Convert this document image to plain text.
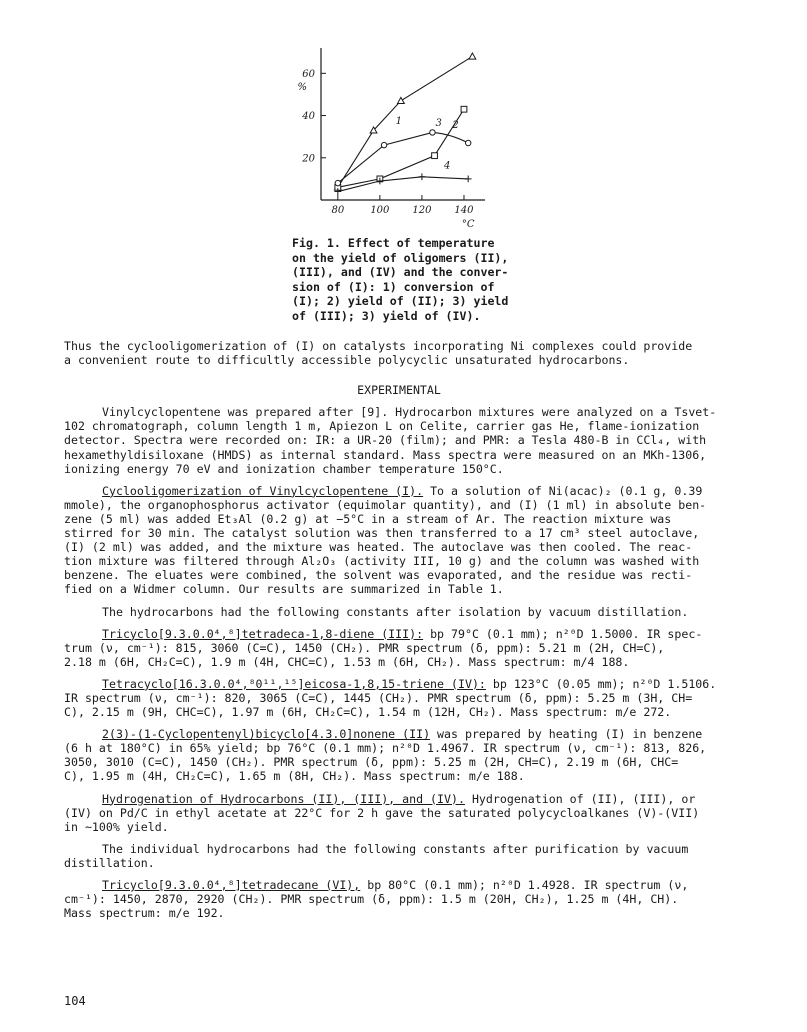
20
40
60
80	100 120 140
%
°C
1	2
3
4
Fig. 1. Effect of temperature
on the yield of oligomers (II),
(III), and (IV) and the conver-
sion of (I): 1) conversion of
(I); 2) yield of (II); 3) yield
of (III); 3) yield of (IV).
Thus the cyclooligomerization of (I) on catalysts incorporating Ni complexes could provide
a convenient route to difficultly accessible polycyclic unsaturated hydrocarbons.
EXPERIMENTAL
Vinylcyclopentene was prepared after [9]. Hydrocarbon mixtures were analyzed on a Tsvet-
102 chromatograph, column length 1 m, Apiezon L on Celite, carrier gas He, flame-ionization
detector. Spectra were recorded on: IR: a UR-20 (film); and PMR: a Tesla 480-B in CCl₄, with
hexamethyldisiloxane (HMDS) as internal standard. Mass spectra were measured on an MKh-1306,
ionizing energy 70 eV and ionization chamber temperature 150°C.
Cyclooligomerization of Vinylcyclopentene (I). To a solution of Ni(acac)₂ (0.1 g, 0.39
mmole), the organophosphorus activator (equimolar quantity), and (I) (1 ml) in absolute ben-
zene (5 ml) was added Et₃Al (0.2 g) at −5°C in a stream of Ar. The reaction mixture was
stirred for 30 min. The catalyst solution was then transferred to a 17 cm³ steel autoclave,
(I) (2 ml) was added, and the mixture was heated. The autoclave was then cooled. The reac-
tion mixture was filtered through Al₂O₃ (activity III, 10 g) and the column was washed with
benzene. The eluates were combined, the solvent was evaporated, and the residue was recti-
fied on a Widmer column. Our results are summarized in Table 1.
The hydrocarbons had the following constants after isolation by vacuum distillation.
Tricyclo[9.3.0.0⁴,⁸]tetradeca-1,8-diene (III): bp 79°C (0.1 mm); n²⁰D 1.5000. IR spec-
trum (ν, cm⁻¹): 815, 3060 (C=C), 1450 (CH₂). PMR spectrum (δ, ppm): 5.21 m (2H, CH=C),
2.18 m (6H, CH₂C=C), 1.9 m (4H, CHC=C), 1.53 m (6H, CH₂). Mass spectrum: m/4 188.
Tetracyclo[16.3.0.0⁴,⁸0¹¹,¹⁵]eicosa-1,8,15-triene (IV): bp 123°C (0.05 mm); n²⁰D 1.5106.
IR spectrum (ν, cm⁻¹): 820, 3065 (C=C), 1445 (CH₂). PMR spectrum (δ, ppm): 5.25 m (3H, CH=
C), 2.15 m (9H, CHC=C), 1.97 m (6H, CH₂C=C), 1.54 m (12H, CH₂). Mass spectrum: m/e 272.
2(3)-(1-Cyclopentenyl)bicyclo[4.3.0]nonene (II) was prepared by heating (I) in benzene
(6 h at 180°C) in 65% yield; bp 76°C (0.1 mm); n²⁰D 1.4967. IR spectrum (ν, cm⁻¹): 813, 826,
3050, 3010 (C=C), 1450 (CH₂). PMR spectrum (δ, ppm): 5.25 m (2H, CH=C), 2.19 m (6H, CHC=
C), 1.95 m (4H, CH₂C=C), 1.65 m (8H, CH₂). Mass spectrum: m/e 188.
Hydrogenation of Hydrocarbons (II), (III), and (IV). Hydrogenation of (II), (III), or
(IV) on Pd/C in ethyl acetate at 22°C for 2 h gave the saturated polycycloalkanes (V)-(VII)
in ~100% yield.
The individual hydrocarbons had the following constants after purification by vacuum
distillation.
Tricyclo[9.3.0.0⁴,⁸]tetradecane (VI), bp 80°C (0.1 mm); n²⁰D 1.4928. IR spectrum (ν,
cm⁻¹): 1450, 2870, 2920 (CH₂). PMR spectrum (δ, ppm): 1.5 m (20H, CH₂), 1.25 m (4H, CH).
Mass spectrum: m/e 192.
104
